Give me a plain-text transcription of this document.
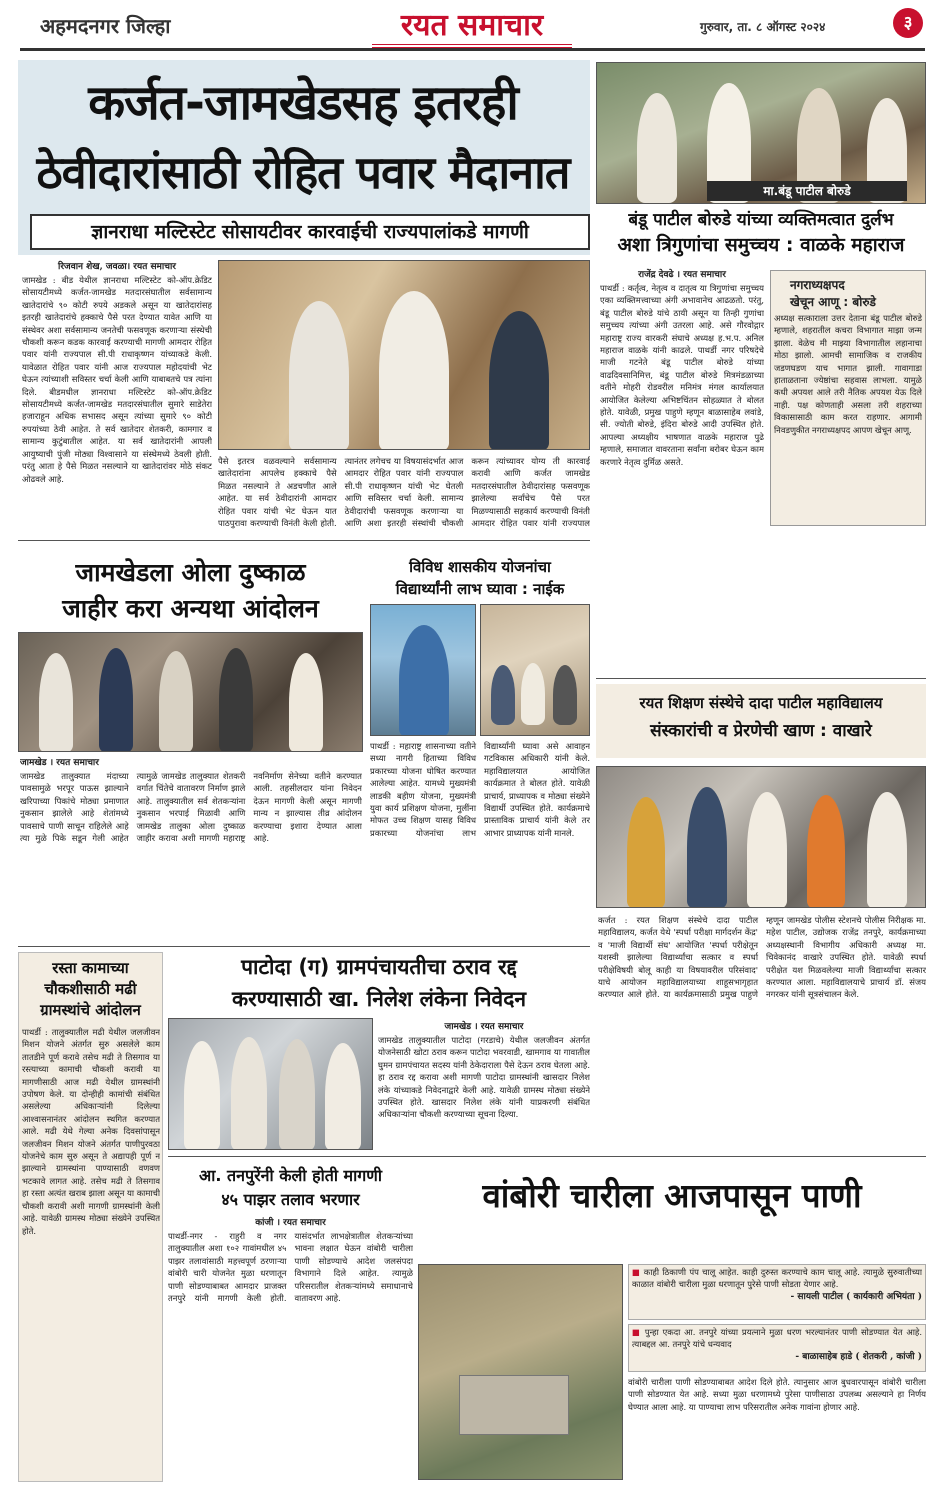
अहमदनगर जिल्हा	रयत समाचार	गुरुवार, ता. ८ ऑगस्ट २०२४	३
कर्जत-जामखेडसह इतरही
ठेवीदारांसाठी रोहित पवार मैदानात
ज्ञानराधा मल्टिस्टेट सोसायटीवर कारवाईची राज्यपालांकडे मागणी
रिजवान शेख, जवळा। रयत समाचार
जामखेड : बीड येथील ज्ञानराधा मल्टिस्टेट को-ऑप.क्रेडिट सोसायटीमध्ये कर्जत-जामखेड मतदारसंघातील सर्वसामान्य खातेदारांचे ९० कोटी रुपये अडकले असून या खातेदारांसह इतरही खातेदारांचे हक्काचे पैसे परत देण्यात यावेत आणि या संस्थेवर अशा सर्वसामान्य जनतेची फसवणूक करणाऱ्या संस्थेची चौकशी करून कडक कारवाई करण्याची मागणी आमदार रोहित पवार यांनी राज्यपाल सी.पी राधाकृष्णन यांच्याकडे केली. यावेळात रोहित पवार यांनी आज राज्यपाल महोदयांची भेट घेऊन त्यांच्याशी सविस्तर चर्चा केली आणि याबाबतचे पत्र त्यांना दिले. बीडमधील ज्ञानराधा मल्टिस्टेट को-ऑप.क्रेडिट सोसायटीमध्ये कर्जत-जामखेड मतदारसंघातील सुमारे साडेतेरा हजाराहून अधिक सभासद असून त्यांच्या सुमारे ९० कोटी रुपयांच्या ठेवी आहेत. ते सर्व खातेदार शेतकरी, कामगार व सामान्य कुटुंबातील आहेत. या सर्व खातेदारांनी आपली आयुष्याची पुंजी मोठ्या विश्वासाने या संस्थेमध्ये ठेवली होती. परंतु आता हे पैसे मिळत नसल्याने या खातेदारांवर मोठे संकट ओढवले आहे.
पैसे इतरत्र वळवल्याने सर्वसामान्य खातेदारांना आपलेच हक्काचे पैसे मिळत नसल्याने ते अडचणीत आले आहेत. या सर्व ठेवीदारांनी आमदार रोहित पवार यांची भेट घेऊन यात पाठपुरावा करण्याची विनंती केली होती. त्यानंतर लगेचच या विषयासंदर्भात आज आमदार रोहित पवार यांनी राज्यपाल सी.पी राधाकृष्णन यांची भेट घेतली आणि सविस्तर चर्चा केली. सामान्य ठेवीदारांची फसवणूक करणाऱ्या या आणि अशा इतरही संस्थांची चौकशी करून त्यांच्यावर योग्य ती कारवाई करावी आणि कर्जत जामखेड मतदारसंघातील ठेवीदारांसह फसवणूक झालेल्या सर्वांचेच पैसे परत मिळण्यासाठी सहकार्य करण्याची विनंती आमदार रोहित पवार यांनी राज्यपाल
मा.बंडू पाटील बोरुडे
बंडू पाटील बोरुडे यांच्या व्यक्तिमत्वात दुर्लभ
अशा त्रिगुणांचा समुच्चय : वाळके महाराज
राजेंद्र देवढे । रयत समाचार
पाथर्डी : कर्तृत्व, नेतृत्व व दातृत्व या त्रिगुणांचा समुच्चय एका व्यक्तिमत्त्वाच्या अंगी अभावानेच आढळतो. परंतु, बंडू पाटील बोरुडे यांचे ठायी असून या तिन्ही गुणांचा समुच्चय त्यांच्या अंगी उतरला आहे. असे गौरवोद्गार महाराष्ट्र राज्य वारकरी संघाचे अध्यक्ष ह.भ.प. अनिल महाराज वाळके यांनी काढले. पाथर्डी नगर परिषदेचे माजी गटनेते बंडू पाटील बोरुडे यांच्या वाढदिवसानिमित्त, बंडू पाटील बोरुडे मित्रमंडळाच्या वतीने मोहरी रोडवरील मनिमंत्र मंगल कार्यालयात आयोजित केलेल्या अभिष्टचिंतन सोहळ्यात ते बोलत होते. यावेळी, प्रमुख पाहुणे म्हणून बाळासाहेब लवांडे, सी. ज्योती बोरुडे, इंदिरा बोरुडे आदी उपस्थित होते. आपल्या अध्यक्षीय भाषणात वाळके महाराज पुढे म्हणाले, समाजात वावरताना सर्वांना बरोबर घेऊन काम करणारे नेतृत्व दुर्मिळ असते.
नगराध्यक्षपद
खेचून आणू : बोरुडे
अध्यक्ष सत्काराला उत्तर देताना बंडू पाटील बोरुडे म्हणाले, शहरातील कचरा विभागात माझा जन्म झाला. वेळेच मी माझ्या विभागातील लहानाचा मोठा झालो. आमची सामाजिक व राजकीय जडणघडण याच भागात झाली. गावागाडा हाताळताना ज्येष्ठांचा सहवास लाभला. यामुळे कधी अपयश आले तरी नैतिक अपयश येऊ दिले नाही. पक्ष कोणताही असला तरी शहराच्या विकासासाठी काम करत राहणार. आगामी निवडणुकीत नगराध्यक्षपद आपण खेचून आणू.
जामखेडला ओला दुष्काळ
जाहीर करा अन्यथा आंदोलन
जामखेड । रयत समाचार
जामखेड तालुक्यात मंदाच्या पावसामुळे भरपूर पाऊस झाल्याने खरिपाच्या पिकांचे मोठ्या प्रमाणात नुकसान झालेले आहे शेतांमध्ये पावसाचे पाणी साचून राहिलेले आहे त्या मुळे पिके सडून गेली आहेत त्यामुळे जामखेड तालुक्यात शेतकरी वर्गात चिंतेचे वातावरण निर्माण झाले आहे. तालुक्यातील सर्व शेतकऱ्यांना नुकसान भरपाई मिळावी आणि जामखेड तालुका ओला दुष्काळ जाहीर करावा अशी मागणी महाराष्ट्र नवनिर्माण सेनेच्या वतीने करण्यात आली. तहसीलदार यांना निवेदन देऊन मागणी केली असून मागणी मान्य न झाल्यास तीव्र आंदोलन करण्याचा इशारा देण्यात आला आहे.
विविध शासकीय योजनांचा
विद्यार्थ्यांनी लाभ घ्यावा : नाईक
पाथर्डी : महाराष्ट्र शासनाच्या वतीने सध्या नागरी हिताच्या विविध प्रकारच्या योजना घोषित करण्यात आलेल्या आहेत. यामध्ये मुख्यमंत्री लाडकी बहीण योजना, मुख्यमंत्री युवा कार्य प्रशिक्षण योजना, मुलींना मोफत उच्च शिक्षण यासह विविध प्रकारच्या योजनांचा लाभ विद्यार्थ्यांनी घ्यावा असे आवाहन गटविकास अधिकारी यांनी केले. महाविद्यालयात आयोजित कार्यक्रमात ते बोलत होते. यावेळी प्राचार्य, प्राध्यापक व मोठ्या संख्येने विद्यार्थी उपस्थित होते. कार्यक्रमाचे प्रास्ताविक प्राचार्य यांनी केले तर आभार प्राध्यापक यांनी मानले.
रयत शिक्षण संस्थेचे दादा पाटील महाविद्यालय
संस्कारांची व प्रेरणेची खाण : वाखारे
कर्जत : रयत शिक्षण संस्थेचे दादा पाटील महाविद्यालय, कर्जत येथे 'स्पर्धा परीक्षा मार्गदर्शन केंद्र' व 'माजी विद्यार्थी संघ' आयोजित 'स्पर्धा परीक्षेतून यशस्वी झालेल्या विद्यार्थ्यांचा सत्कार व स्पर्धा परीक्षेविषयी बोलू काही या विषयावरील परिसंवाद' याचे आयोजन महाविद्यालयाच्या शाहूसभागृहात करण्यात आले होते. या कार्यक्रमासाठी प्रमुख पाहुणे म्हणून जामखेड पोलीस स्टेशनचे पोलीस निरीक्षक मा. महेश पाटील, उद्योजक राजेंद्र तनपुरे, कार्यक्रमाच्या अध्यक्षस्थानी विभागीय अधिकारी अध्यक्ष मा. चिवेकानंद वाखारे उपस्थित होते. यावेळी स्पर्धा परीक्षेत यश मिळवलेल्या माजी विद्यार्थ्यांचा सत्कार करण्यात आला. महाविद्यालयाचे प्राचार्य डॉ. संजय नगरकर यांनी सूत्रसंचालन केले.
रस्ता कामाच्या
चौकशीसाठी मढी
ग्रामस्थांचे आंदोलन
पाथर्डी : तालुक्यातील मढी येथील जलजीवन मिशन योजने अंतर्गत सुरु असलेले काम तातडीने पूर्ण करावे तसेच मढी ते तिसगाव या रस्त्याच्या कामाची चौकशी करावी या मागणीसाठी आज मढी येथील ग्रामस्थांनी उपोषण केले. या दोन्हीही कामांची संबंधित असलेल्या अधिकाऱ्यांनी दिलेल्या आश्वासनानंतर आंदोलन स्थगित करण्यात आले. मढी येथे गेल्या अनेक दिवसांपासून जलजीवन मिशन योजने अंतर्गत पाणीपुरवठा योजनेचे काम सुरु असून ते अद्यापही पूर्ण न झाल्याने ग्रामस्थांना पाण्यासाठी वणवण भटकावे लागत आहे. तसेच मढी ते तिसगाव हा रस्ता अत्यंत खराब झाला असून या कामाची चौकशी करावी अशी मागणी ग्रामस्थांनी केली आहे. यावेळी ग्रामस्थ मोठ्या संख्येने उपस्थित होते.
पाटोदा (ग) ग्रामपंचायतीचा ठराव रद्द
करण्यासाठी खा. निलेश लंकेना निवेदन
जामखेड । रयत समाचार
जामखेड तालुक्यातील पाटोदा (गरडाचे) येथील जलजीवन अंतर्गत योजनेसाठी खोटा ठराव करून पाटोदा भवरवाडी, खामगाव या गावातील घुमन ग्रामपंचायत सदस्य यांनी ठेकेदाराला पैसे देऊन ठराव घेतला आहे. हा ठराव रद्द करावा अशी मागणी पाटोदा ग्रामस्थांनी खासदार निलेश लंके यांच्याकडे निवेदनाद्वारे केली आहे. यावेळी ग्रामस्थ मोठ्या संख्येने उपस्थित होते. खासदार निलेश लंके यांनी याप्रकरणी संबंधित अधिकाऱ्यांना चौकशी करण्याच्या सूचना दिल्या.
आ. तनपुरेंनी केली होती मागणी
४५ पाझर तलाव भरणार
कांजी । रयत समाचार
पाथर्डी-नगर - राहुरी व नगर तालुक्यातील अशा १०२ गावांमधील ४५ पाझर तलावांसाठी महत्त्वपूर्ण ठरणाऱ्या वांबोरी चारी योजनेत मुळा धरणातून पाणी सोडण्याबाबत आमदार प्राजक्त तनपुरे यांनी मागणी केली होती. यासंदर्भात लाभक्षेत्रातील शेतकऱ्यांच्या भावना लक्षात घेऊन वांबोरी चारीला पाणी सोडण्याचे आदेश जलसंपदा विभागाने दिले आहेत. त्यामुळे परिसरातील शेतकऱ्यांमध्ये समाधानाचे वातावरण आहे.
वांबोरी चारीला आजपासून पाणी
■ काही ठिकाणी पंप चालू आहेत. काही दुरुस्त करण्याचे काम चालू आहे. त्यामुळे सुरुवातीच्या काळात वांबोरी चारीला मुळा धरणातून पुरेसे पाणी सोडता येणार आहे.

- सायली पाटील ( कार्यकारी अभियंता )
■ पुन्हा एकदा आ. तनपुरे यांच्या प्रयत्नाने मुळा धरण भरल्यानंतर पाणी सोडण्यात येत आहे. त्याबद्दल आ. तनपुरे यांचे धन्यवाद

- बाळासाहेब हाडे ( शेतकरी , कांजी )
वांबोरी चारीला पाणी सोडण्याबाबत आदेश दिले होते. त्यानुसार आज बुधवारपासून वांबोरी चारीला पाणी सोडण्यात येत आहे. सध्या मुळा धरणामध्ये पुरेसा पाणीसाठा उपलब्ध असल्याने हा निर्णय घेण्यात आला आहे. या पाण्याचा लाभ परिसरातील अनेक गावांना होणार आहे.
